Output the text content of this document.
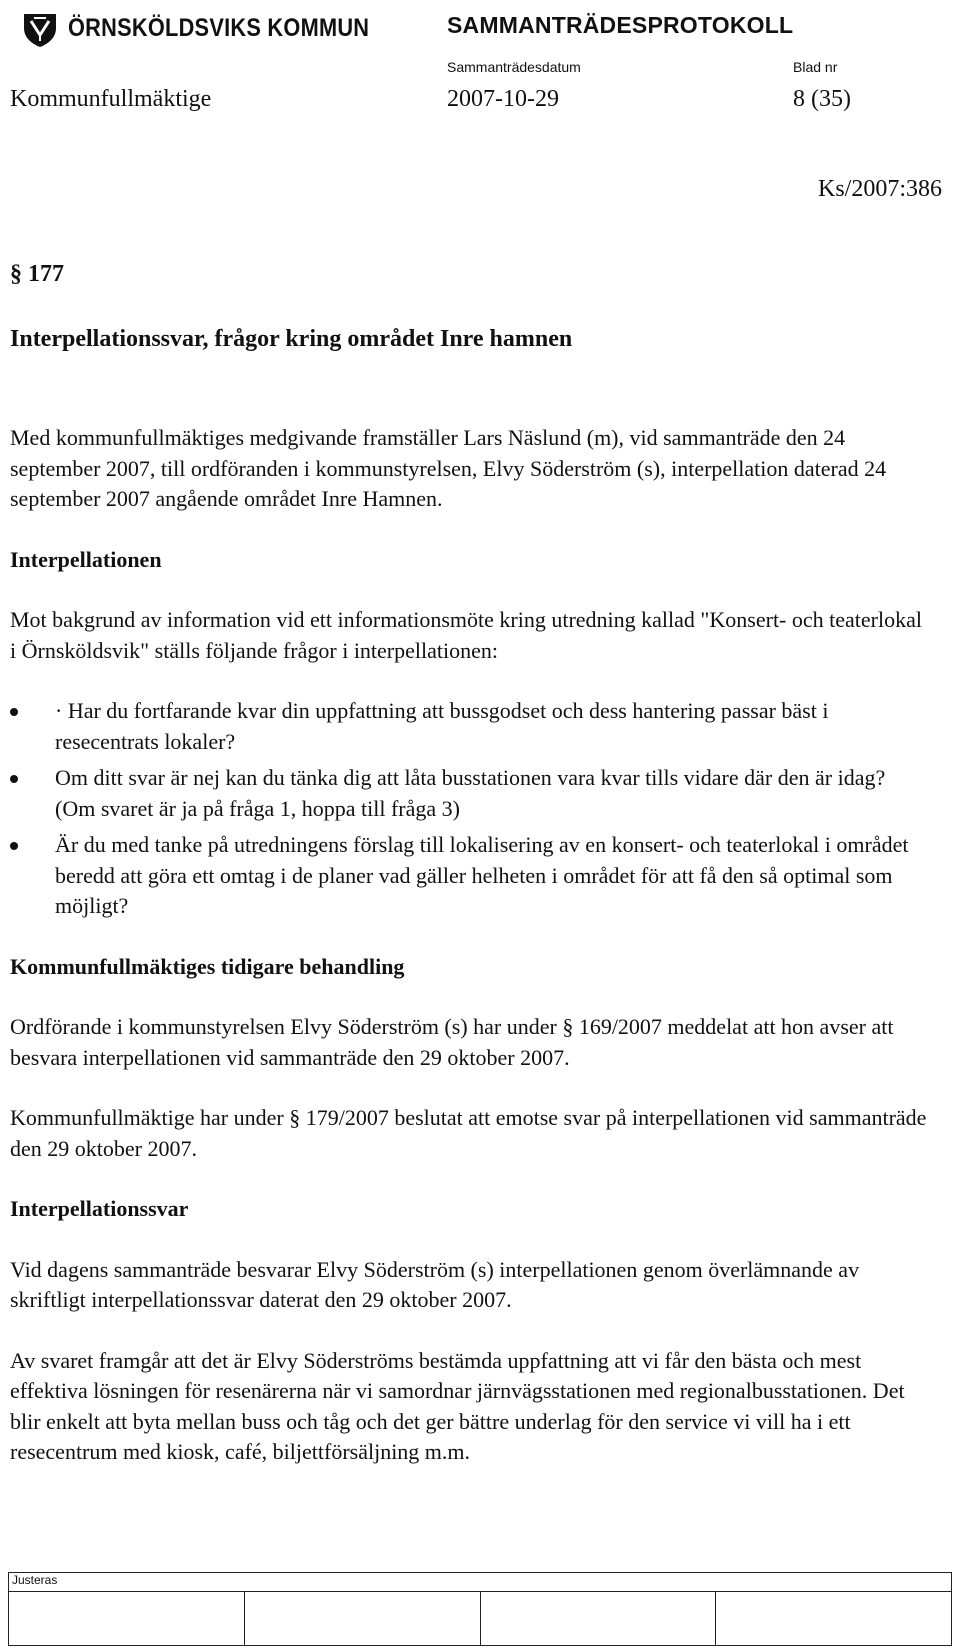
ÖRNSKÖLDSVIKS KOMMUN	SAMMANTRÄDESPROTOKOLL
Sammanträdesdatum	Blad nr
Kommunfullmäktige	2007-10-29	8 (35)
Ks/2007:386
§ 177
Interpellationssvar, frågor kring området Inre hamnen

Med kommunfullmäktiges medgivande framställer Lars Näslund (m), vid sammanträde den 24 september 2007, till ordföranden i kommunstyrelsen, Elvy Söderström (s), interpellation daterad 24 september 2007 angående området Inre Hamnen.

Interpellationen

Mot bakgrund av information vid ett informationsmöte kring utredning kallad "Konsert- och teaterlokal i Örnsköldsvik" ställs följande frågor i interpellationen:

· Har du fortfarande kvar din uppfattning att bussgodset och dess hantering passar bäst i resecentrats lokaler?
Om ditt svar är nej kan du tänka dig att låta busstationen vara kvar tills vidare där den är idag? (Om svaret är ja på fråga 1, hoppa till fråga 3)
Är du med tanke på utredningens förslag till lokalisering av en konsert- och teaterlokal i området beredd att göra ett omtag i de planer vad gäller helheten i området för att få den så optimal som möjligt?
Kommunfullmäktiges tidigare behandling

Ordförande i kommunstyrelsen Elvy Söderström (s) har under § 169/2007 meddelat att hon avser att besvara interpellationen vid sammanträde den 29 oktober 2007.

Kommunfullmäktige har under § 179/2007 beslutat att emotse svar på interpellationen vid sammanträde den 29 oktober 2007.

Interpellationssvar

Vid dagens sammanträde besvarar Elvy Söderström (s) interpellationen genom överlämnande av skriftligt interpellationssvar daterat den 29 oktober 2007.

Av svaret framgår att det är Elvy Söderströms bestämda uppfattning att vi får den bästa och mest effektiva lösningen för resenärerna när vi samordnar järnvägsstationen med regionalbusstationen. Det blir enkelt att byta mellan buss och tåg och det ger bättre underlag för den service vi vill ha i ett resecentrum med kiosk, café, biljettförsäljning m.m.

Justeras
